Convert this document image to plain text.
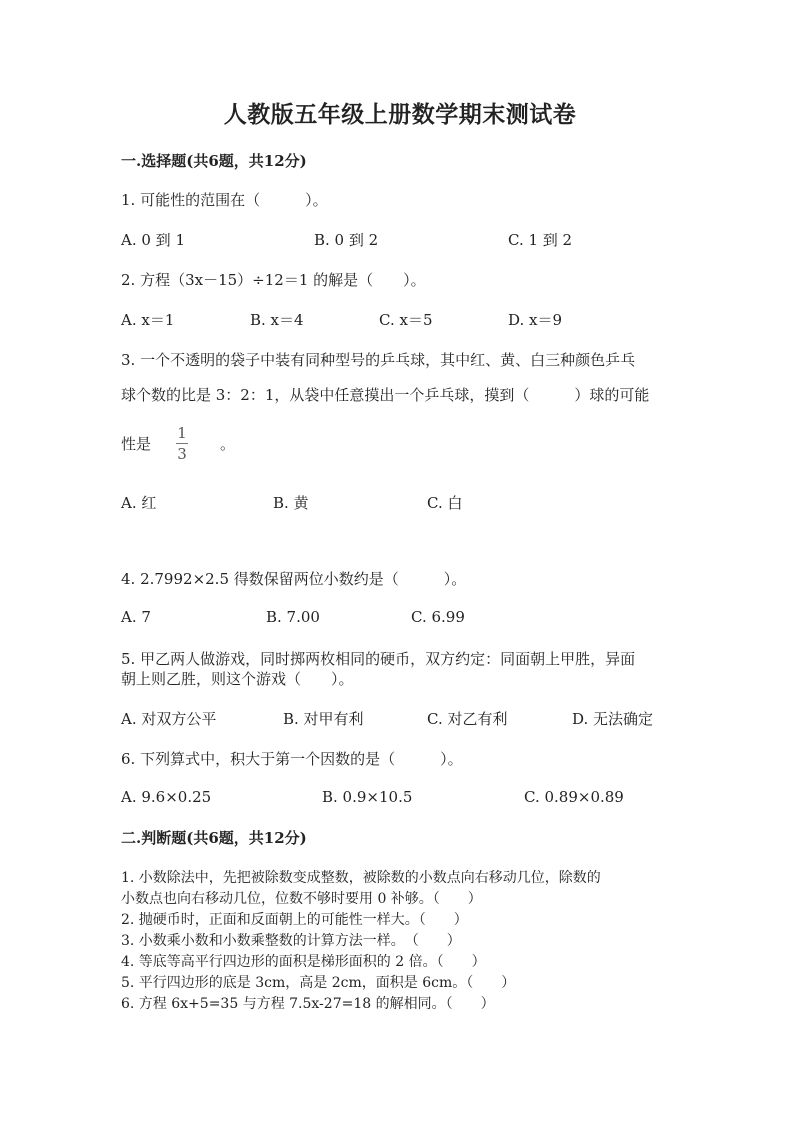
人教版五年级上册数学期末测试卷
一.选择题(共6题，共12分)
1. 可能性的范围在（　　　）。
A. 0 到 1	B. 0 到 2	C. 1 到 2
2. 方程（3x－15）÷12＝1 的解是（　　）。
A. x＝1	B. x＝4	C. x＝5	D. x＝9
3. 一个不透明的袋子中装有同种型号的乒乓球，其中红、黄、白三种颜色乒乓
球个数的比是 3：2：1，从袋中任意摸出一个乒乓球，摸到（　　　）球的可能
性是
1
3
。
A. 红	B. 黄	C. 白
4. 2.7992×2.5 得数保留两位小数约是（　　　）。
A. 7	B. 7.00	C. 6.99
5. 甲乙两人做游戏，同时掷两枚相同的硬币，双方约定：同面朝上甲胜，异面
朝上则乙胜，则这个游戏（　　）。
A. 对双方公平	B. 对甲有利	C. 对乙有利	D. 无法确定
6. 下列算式中，积大于第一个因数的是（　　　）。
A. 9.6×0.25	B. 0.9×10.5	C. 0.89×0.89
二.判断题(共6题，共12分)
1. 小数除法中，先把被除数变成整数，被除数的小数点向右移动几位，除数的
小数点也向右移动几位，位数不够时要用 0 补够。（　　）
2. 抛硬币时，正面和反面朝上的可能性一样大。（　　）
3. 小数乘小数和小数乘整数的计算方法一样。　（　　）
4. 等底等高平行四边形的面积是梯形面积的 2 倍。（　　）
5. 平行四边形的底是 3cm，高是 2cm，面积是 6cm。（　　）
6. 方程 6x+5=35 与方程 7.5x-27=18 的解相同。（　　）
